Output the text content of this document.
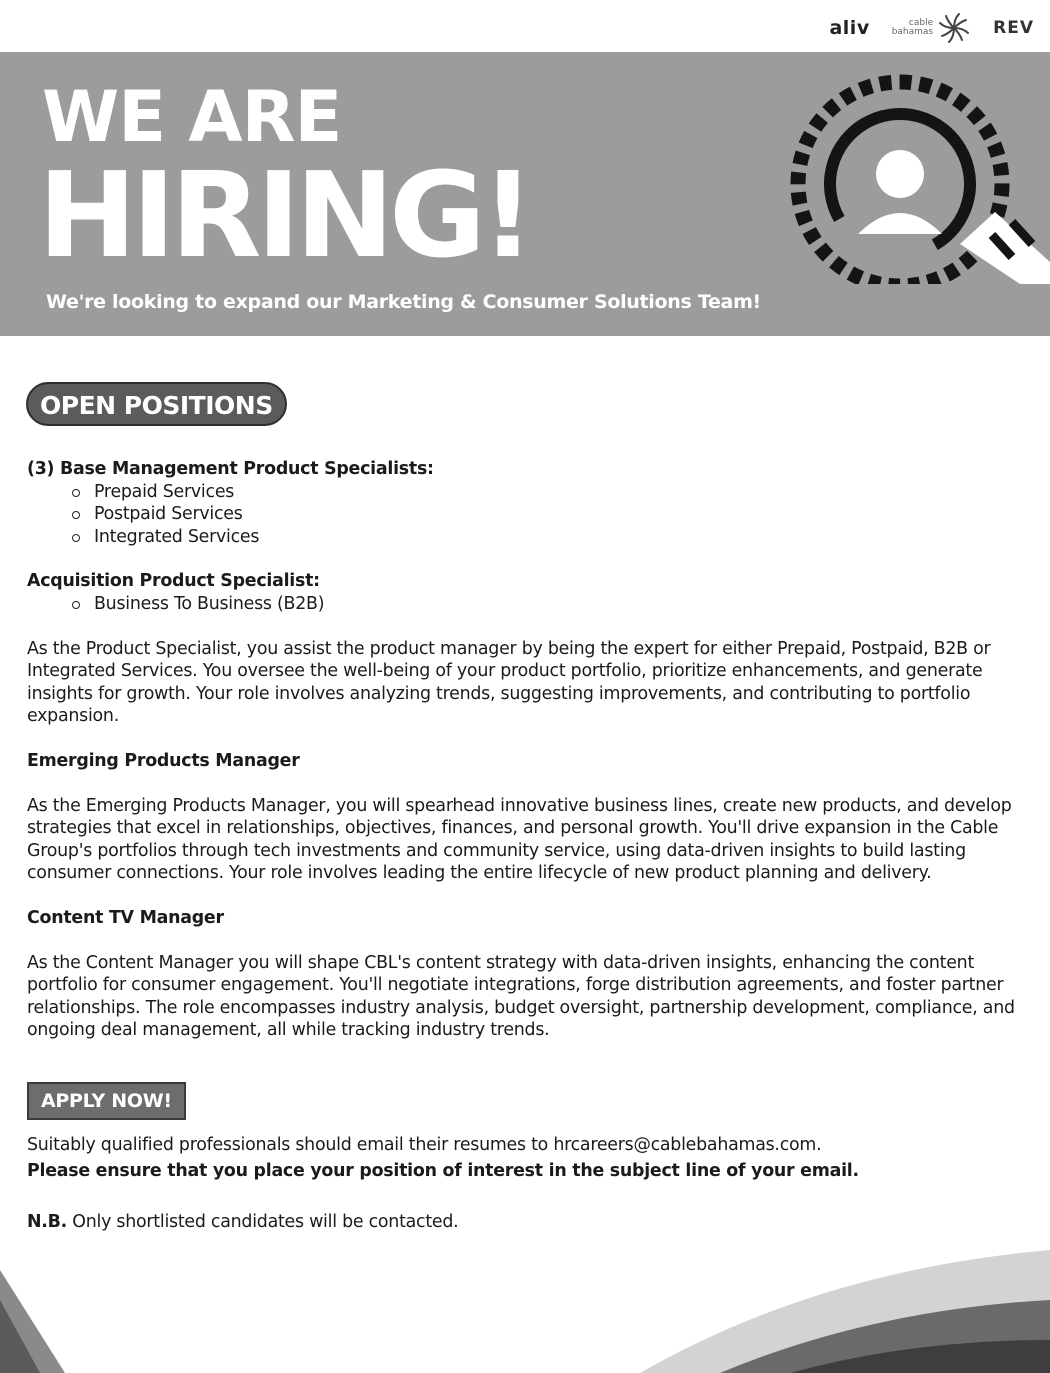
aliv	cable
bahamas	REV
WE ARE
HIRING!
We're looking to expand our Marketing & Consumer Solutions Team!
OPEN POSITIONS
(3) Base Management Product Specialists:
Prepaid Services
Postpaid Services
Integrated Services
Acquisition Product Specialist:
Business To Business (B2B)
As the Product Specialist, you assist the product manager by being the expert for either Prepaid, Postpaid, B2B or Integrated Services. You oversee the well-being of your product portfolio, prioritize enhancements, and generate insights for growth. Your role involves analyzing trends, suggesting improvements, and contributing to portfolio expansion.
Emerging Products Manager
As the Emerging Products Manager, you will spearhead innovative business lines, create new products, and develop strategies that excel in relationships, objectives, finances, and personal growth. You'll drive expansion in the Cable Group's portfolios through tech investments and community service, using data-driven insights to build lasting consumer connections. Your role involves leading the entire lifecycle of new product planning and delivery.
Content TV Manager
As the Content Manager you will shape CBL's content strategy with data-driven insights, enhancing the content portfolio for consumer engagement. You'll negotiate integrations, forge distribution agreements, and foster partner relationships. The role encompasses industry analysis, budget oversight, partnership development, compliance, and ongoing deal management, all while tracking industry trends.
APPLY NOW!
Suitably qualified professionals should email their resumes to hrcareers@cablebahamas.com.
Please ensure that you place your position of interest in the subject line of your email.
N.B. Only shortlisted candidates will be contacted.
